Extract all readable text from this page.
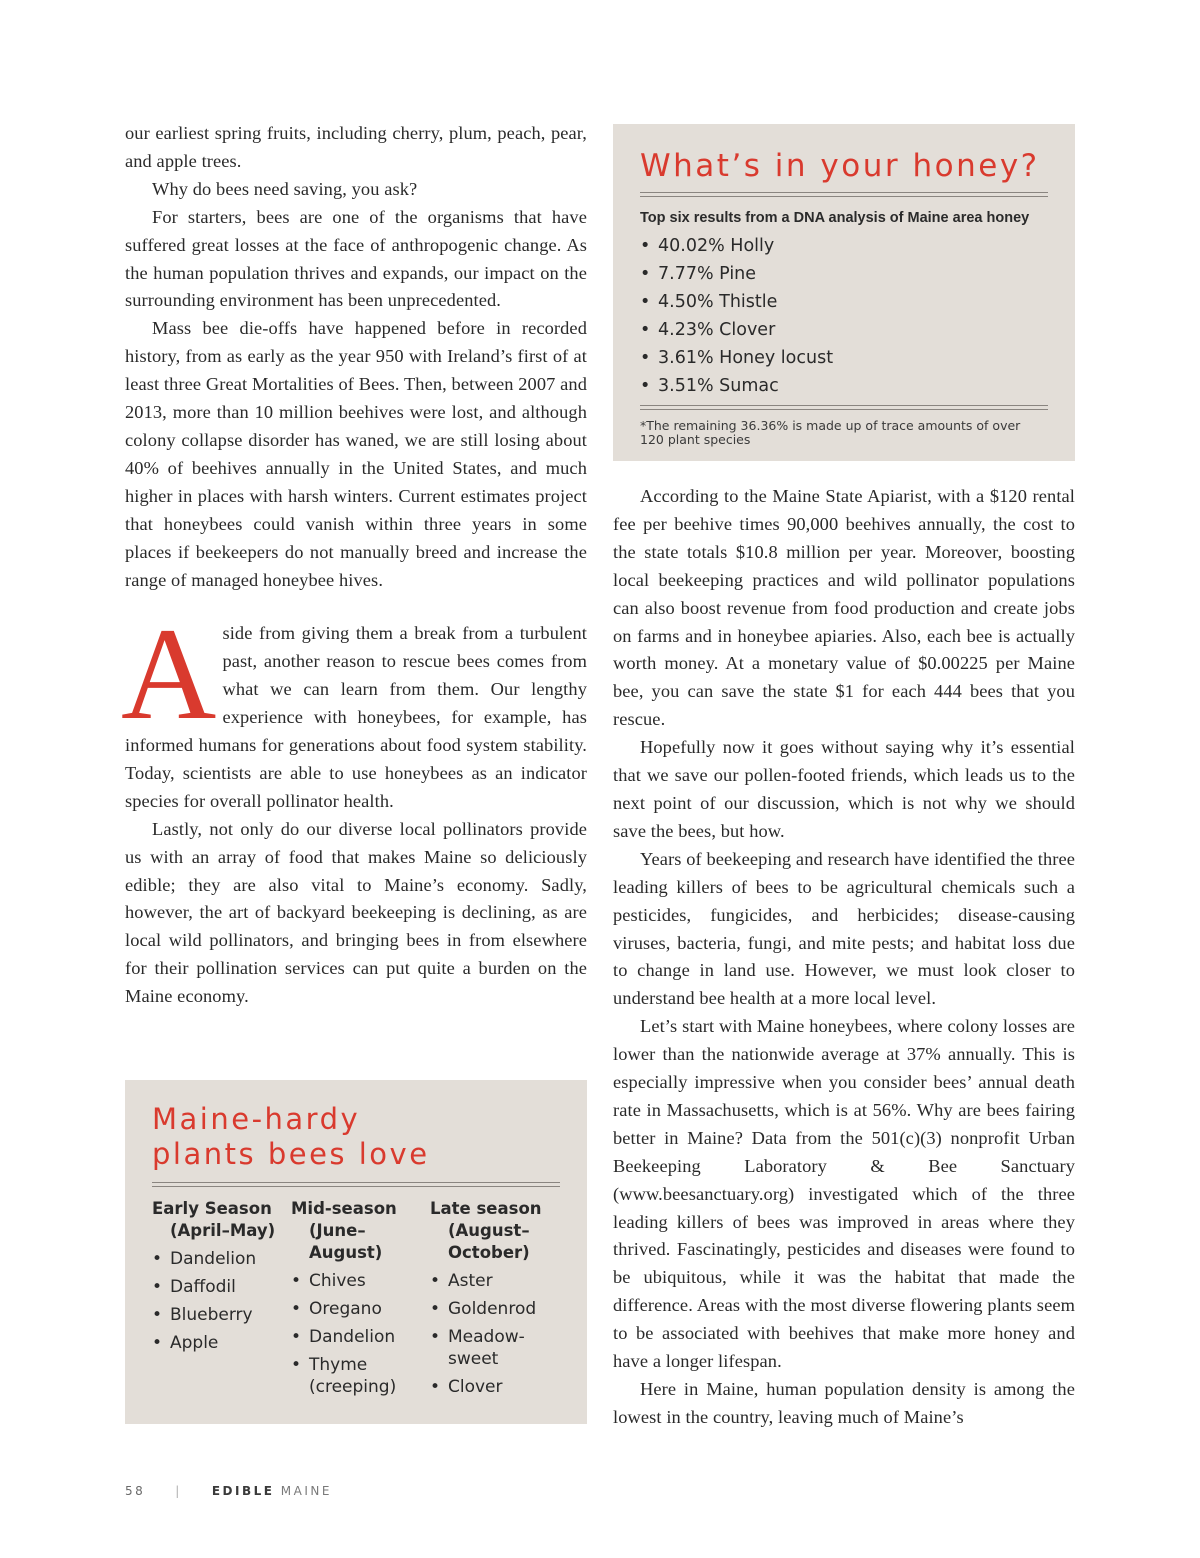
our earliest spring fruits, including cherry, plum, peach, pear, and apple trees.

Why do bees need saving, you ask?

For starters, bees are one of the organisms that have suffered great losses at the face of anthropogenic change. As the human population thrives and expands, our impact on the surrounding environment has been unprecedented.

Mass bee die-offs have happened before in recorded history, from as early as the year 950 with Ireland’s first of at least three Great Mortalities of Bees. Then, between 2007 and 2013, more than 10 million beehives were lost, and although colony collapse disorder has waned, we are still losing about 40% of beehives annually in the United States, and much higher in places with harsh winters. Current estimates project that honeybees could vanish within three years in some places if beekeepers do not manually breed and increase the range of managed honeybee hives.

Aside from giving them a break from a turbulent past, another reason to rescue bees comes from what we can learn from them. Our lengthy experience with honeybees, for example, has informed humans for generations about food system stability. Today, scientists are able to use honeybees as an indicator species for overall pollinator health.

Lastly, not only do our diverse local pollinators provide us with an array of food that makes Maine so deliciously edible; they are also vital to Maine’s economy. Sadly, however, the art of backyard beekeeping is declining, as are local wild pollinators, and bringing bees in from elsewhere for their pollination services can put quite a burden on the Maine economy.

What’s in your honey?

Top six results from a DNA analysis of Maine area honey

• 40.02% Holly
• 7.77% Pine
• 4.50% Thistle
• 4.23% Clover
• 3.61% Honey locust
• 3.51% Sumac

*The remaining 36.36% is made up of trace amounts of over 120 plant species

According to the Maine State Apiarist, with a $120 rental fee per beehive times 90,000 beehives annually, the cost to the state totals $10.8 million per year. Moreover, boosting local beekeeping practices and wild pollinator populations can also boost revenue from food production and create jobs on farms and in honeybee apiaries. Also, each bee is actually worth money. At a monetary value of $0.00225 per Maine bee, you can save the state $1 for each 444 bees that you rescue.

Hopefully now it goes without saying why it’s essential that we save our pollen-footed friends, which leads us to the next point of our discussion, which is not why we should save the bees, but how.

Years of beekeeping and research have identified the three leading killers of bees to be agricultural chemicals such a pesticides, fungicides, and herbicides; disease-causing viruses, bacteria, fungi, and mite pests; and habitat loss due to change in land use. However, we must look closer to understand bee health at a more local level.

Let’s start with Maine honeybees, where colony losses are lower than the nationwide average at 37% annually. This is especially impressive when you consider bees’ annual death rate in Massachusetts, which is at 56%. Why are bees fairing better in Maine? Data from the 501(c)(3) nonprofit Urban Beekeeping Laboratory & Bee Sanctuary (www.beesanctuary.org) investigated which of the three leading killers of bees was improved in areas where they thrived. Fascinatingly, pesticides and diseases were found to be ubiquitous, while it was the habitat that made the difference. Areas with the most diverse flowering plants seem to be associated with beehives that make more honey and have a longer lifespan.

Here in Maine, human population density is among the lowest in the country, leaving much of Maine’s

Maine-hardy
plants bees love

Early Season (April–May)

• Dandelion
• Daffodil
• Blueberry
• Apple

Mid-season (June–August)

• Chives
• Oregano
• Dandelion
• Thyme (creeping)

Late season (August–October)

• Aster
• Goldenrod
• Meadow-sweet
• Clover
58	|	EDIBLE MAINE
